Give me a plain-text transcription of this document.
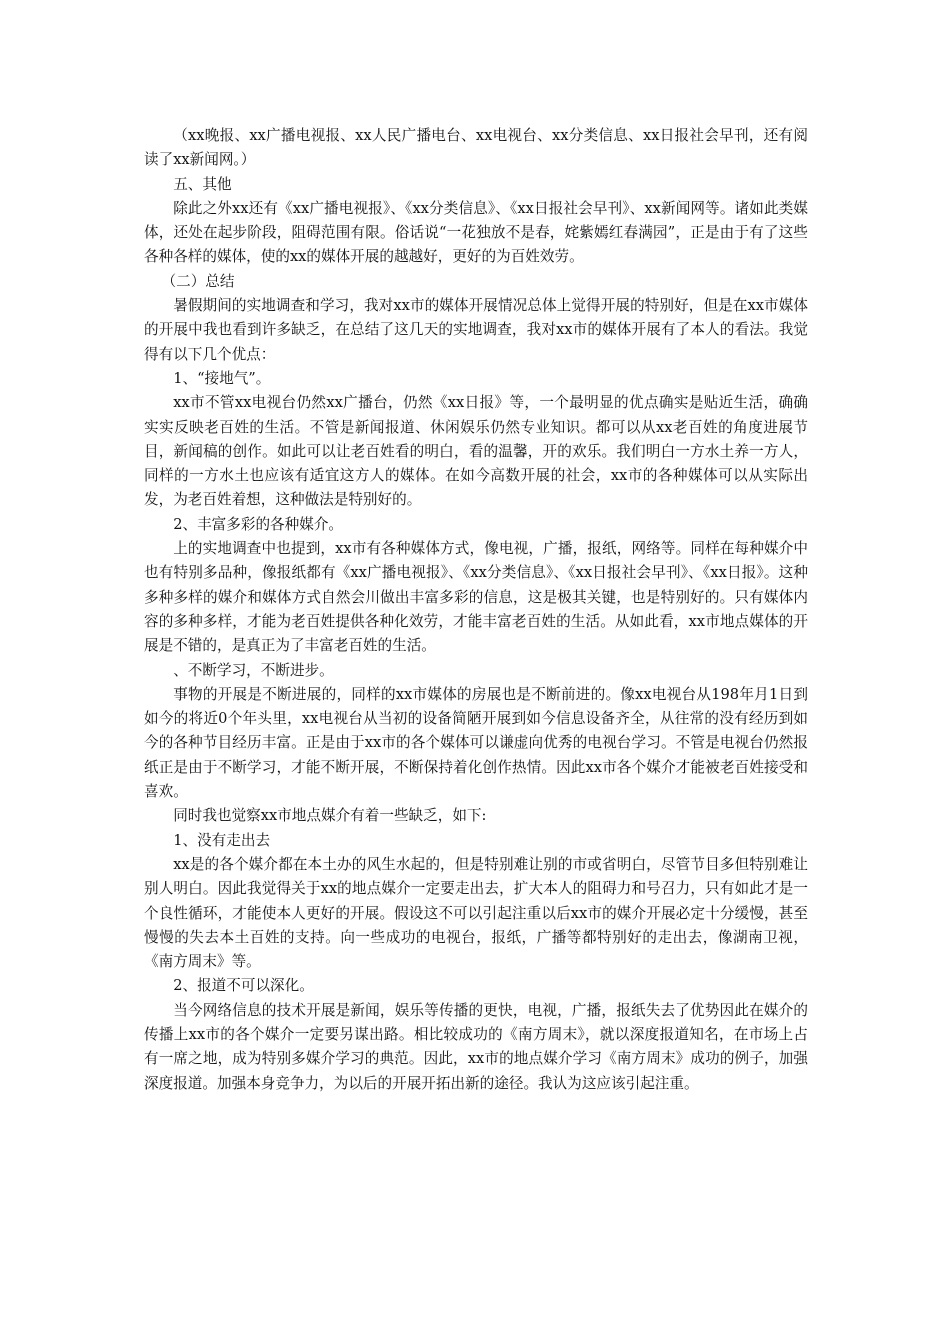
（xx晚报、xx广播电视报、xx人民广播电台、xx电视台、xx分类信息、xx日报社会早刊，还有阅读了xx新闻网。）

五、其他

除此之外xx还有《xx广播电视报》、《xx分类信息》、《xx日报社会早刊》、xx新闻网等。诸如此类媒体，还处在起步阶段，阻碍范围有限。俗话说“一花独放不是春，姹紫嫣红春满园”，正是由于有了这些各种各样的媒体，使的xx的媒体开展的越越好，更好的为百姓效劳。

（二）总结

暑假期间的实地调查和学习，我对xx市的媒体开展情况总体上觉得开展的特别好，但是在xx市媒体的开展中我也看到许多缺乏，在总结了这几天的实地调查，我对xx市的媒体开展有了本人的看法。我觉得有以下几个优点：

1、“接地气”。

xx市不管xx电视台仍然xx广播台，仍然《xx日报》等，一个最明显的优点确实是贴近生活，确确实实反映老百姓的生活。不管是新闻报道、休闲娱乐仍然专业知识。都可以从xx老百姓的角度进展节目，新闻稿的创作。如此可以让老百姓看的明白，看的温馨，开的欢乐。我们明白一方水土养一方人，同样的一方水土也应该有适宜这方人的媒体。在如今高数开展的社会，xx市的各种媒体可以从实际出发，为老百姓着想，这种做法是特别好的。

2、丰富多彩的各种媒介。

上的实地调查中也提到，xx市有各种媒体方式，像电视，广播，报纸，网络等。同样在每种媒介中也有特别多品种，像报纸都有《xx广播电视报》、《xx分类信息》、《xx日报社会早刊》、《xx日报》。这种多种多样的媒介和媒体方式自然会川做出丰富多彩的信息，这是极其关键，也是特别好的。只有媒体内容的多种多样，才能为老百姓提供各种化效劳，才能丰富老百姓的生活。从如此看，xx市地点媒体的开展是不错的，是真正为了丰富老百姓的生活。

、不断学习，不断进步。

事物的开展是不断进展的，同样的xx市媒体的房展也是不断前进的。像xx电视台从198年月1日到如今的将近0个年头里，xx电视台从当初的设备简陋开展到如今信息设备齐全，从往常的没有经历到如今的各种节目经历丰富。正是由于xx市的各个媒体可以谦虚向优秀的电视台学习。不管是电视台仍然报纸正是由于不断学习，才能不断开展，不断保持着化创作热情。因此xx市各个媒介才能被老百姓接受和喜欢。

同时我也觉察xx市地点媒介有着一些缺乏，如下:

1、没有走出去

xx是的各个媒介都在本土办的风生水起的，但是特别难让别的市或省明白，尽管节目多但特别难让别人明白。因此我觉得关于xx的地点媒介一定要走出去，扩大本人的阻碍力和号召力，只有如此才是一个良性循环，才能使本人更好的开展。假设这不可以引起注重以后xx市的媒介开展必定十分缓慢，甚至慢慢的失去本土百姓的支持。向一些成功的电视台，报纸，广播等都特别好的走出去，像湖南卫视，《南方周末》等。

2、报道不可以深化。

当今网络信息的技术开展是新闻，娱乐等传播的更快，电视，广播，报纸失去了优势因此在媒介的传播上xx市的各个媒介一定要另谋出路。相比较成功的《南方周末》，就以深度报道知名，在市场上占有一席之地，成为特别多媒介学习的典范。因此，xx市的地点媒介学习《南方周末》成功的例子，加强深度报道。加强本身竞争力，为以后的开展开拓出新的途径。我认为这应该引起注重。
